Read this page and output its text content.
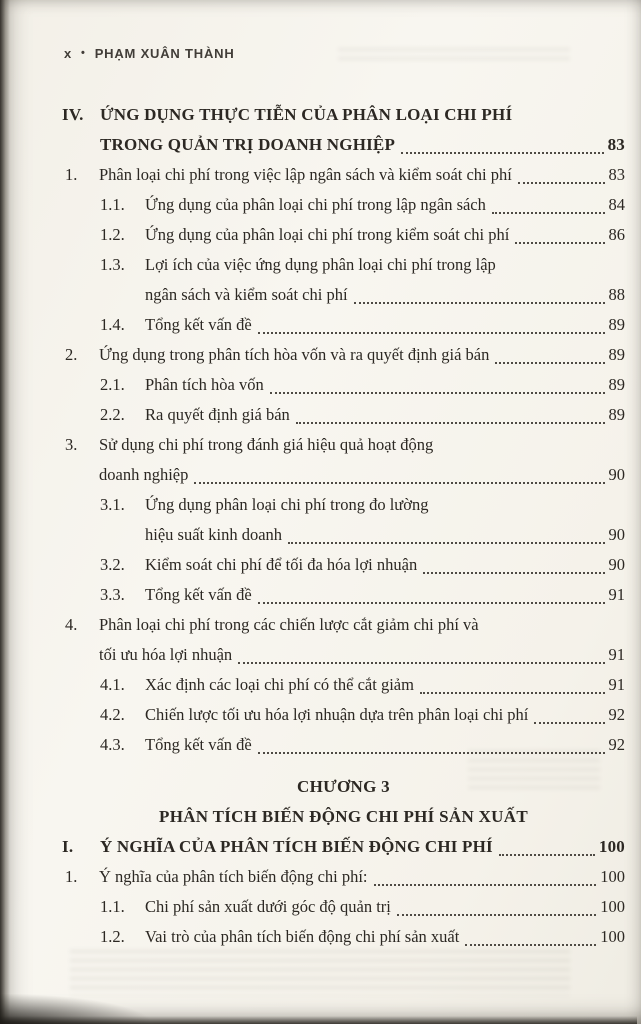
x • PHẠM XUÂN THÀNH
IV. ỨNG DỤNG THỰC TIỄN CỦA PHÂN LOẠI CHI PHÍ
TRONG QUẢN TRỊ DOANH NGHIỆP	83
1.	Phân loại chi phí trong việc lập ngân sách và kiểm soát chi phí	83
1.1.	Ứng dụng của phân loại chi phí trong lập ngân sách	84
1.2.	Ứng dụng của phân loại chi phí trong kiểm soát chi phí	86
1.3.	Lợi ích của việc ứng dụng phân loại chi phí trong lập
ngân sách và kiểm soát chi phí	88
1.4.	Tổng kết vấn đề	89
2.	Ứng dụng trong phân tích hòa vốn và ra quyết định giá bán	89
2.1.	Phân tích hòa vốn	89
2.2.	Ra quyết định giá bán	89
3.	Sử dụng chi phí trong đánh giá hiệu quả hoạt động
doanh nghiệp	90
3.1.	Ứng dụng phân loại chi phí trong đo lường
hiệu suất kinh doanh	90
3.2.	Kiểm soát chi phí để tối đa hóa lợi nhuận	90
3.3.	Tổng kết vấn đề	91
4.	Phân loại chi phí trong các chiến lược cắt giảm chi phí và
tối ưu hóa lợi nhuận	91
4.1.	Xác định các loại chi phí có thể cắt giảm	91
4.2.	Chiến lược tối ưu hóa lợi nhuận dựa trên phân loại chi phí	92
4.3.	Tổng kết vấn đề	92
CHƯƠNG 3
PHÂN TÍCH BIẾN ĐỘNG CHI PHÍ SẢN XUẤT
I.	Ý NGHĨA CỦA PHÂN TÍCH BIẾN ĐỘNG CHI PHÍ	100
1.	Ý nghĩa của phân tích biến động chi phí:	100
1.1.	Chi phí sản xuất dưới góc độ quản trị	100
1.2.	Vai trò của phân tích biến động chi phí sản xuất	100
